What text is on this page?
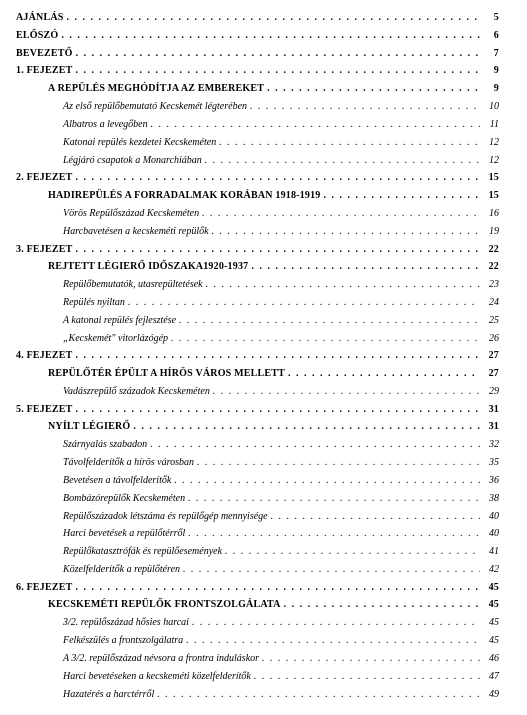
AJÁNLÁS . . .	5
ELŐSZÓ . . .	6
BEVEZETŐ . . .	7
1. FEJEZET . . .	9
A REPÜLÉS MEGHÓDÍTJA AZ EMBEREKET . . .	9
Az első repülőbemutató Kecskemét légterében . . .	10
Albatros a levegőben . . .	11
Katonai repülés kezdetei Kecskeméten . . .	12
Légjáró csapatok a Monarchiában . . .	12
2. FEJEZET . . .	15
HADIREPÜLÉS A FORRADALMAK KORÁBAN 1918-1919 . . .	15
Vörös Repülőszázad Kecskeméten . . .	16
Harcbavetésen a kecskeméti repülők . . .	19
3. FEJEZET . . .	22
REJTETT LÉGIERŐ IDŐSZAKA1920-1937 . . .	22
Repülőbemutatók, utasrepültetések . . .	23
Repülés nyiltan . . .	24
A katonai repülés fejlesztése . . .	25
„Kecskemét" vitorlázógép . . .	26
4. FEJEZET . . .	27
REPÜLŐTÉR ÉPÜLT A HÍRÖS VÁROS MELLETT . . .	27
Vadászrepülő századok Kecskeméten . . .	29
5. FEJEZET . . .	31
NYÍLT LÉGIERŐ . . .	31
Szárnyalás szabadon . . .	32
Távolfelderítők a hírös városban . . .	35
Bevetésen a távolfelderítők . . .	36
Bombázórepülők Kecskeméten . . .	38
Repülőszázadok létszáma és repülőgép mennyisége . . .	40
Harci bevetések a repülőtérről . . .	40
Repülőkatasztrófák és repülőesemények . . .	41
Közelfelderítők a repülőtéren . . .	42
6. FEJEZET . . .	45
KECSKEMÉTI REPÜLŐK FRONTSZOLGÁLATA . . .	45
3/2. repülőszázad hősies harcai . . .	45
Felkészülés a frontszolgálatra . . .	45
A 3/2. repülőszázad névsora a frontra induláskor . . .	46
Harci bevetéseken a kecskeméti közelfelderítők . . .	47
Hazatérés a harctérről . . .	49
